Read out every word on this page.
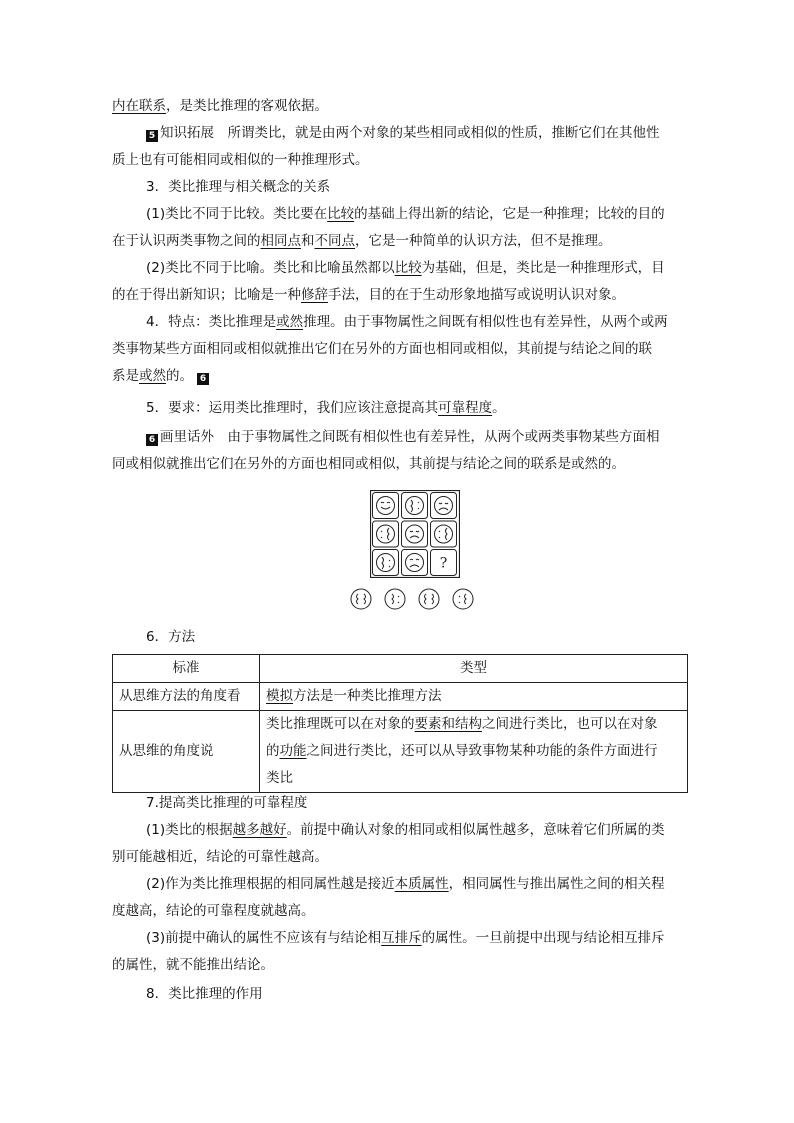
内在联系，是类比推理的客观依据。
5 知识拓展　所谓类比，就是由两个对象的某些相同或相似的性质，推断它们在其他性
质上也有可能相同或相似的一种推理形式。
3．类比推理与相关概念的关系
(1)类比不同于比较。类比要在比较的基础上得出新的结论，它是一种推理；比较的目的
在于认识两类事物之间的相同点和不同点，它是一种简单的认识方法，但不是推理。
(2)类比不同于比喻。类比和比喻虽然都以比较为基础，但是，类比是一种推理形式，目
的在于得出新知识；比喻是一种修辞手法，目的在于生动形象地描写或说明认识对象。
4．特点：类比推理是或然推理。由于事物属性之间既有相似性也有差异性，从两个或两
类事物某些方面相同或相似就推出它们在另外的方面也相同或相似，其前提与结论之间的联
系是或然的。 6
5．要求：运用类比推理时，我们应该注意提高其可靠程度。
6 画里话外　由于事物属性之间既有相似性也有差异性，从两个或两类事物某些方面相
同或相似就推出它们在另外的方面也相同或相似，其前提与结论之间的联系是或然的。
?
6．方法
标准	类型
从思维方法的角度看	模拟方法是一种类比推理方法
从思维的角度说	类比推理既可以在对象的要素和结构之间进行类比，也可以在对象
的功能之间进行类比，还可以从导致事物某种功能的条件方面进行
类比
7.提高类比推理的可靠程度
(1)类比的根据越多越好。前提中确认对象的相同或相似属性越多，意味着它们所属的类
别可能越相近，结论的可靠性越高。
(2)作为类比推理根据的相同属性越是接近本质属性，相同属性与推出属性之间的相关程
度越高，结论的可靠程度就越高。
(3)前提中确认的属性不应该有与结论相互排斥的属性。一旦前提中出现与结论相互排斥
的属性，就不能推出结论。
8．类比推理的作用
